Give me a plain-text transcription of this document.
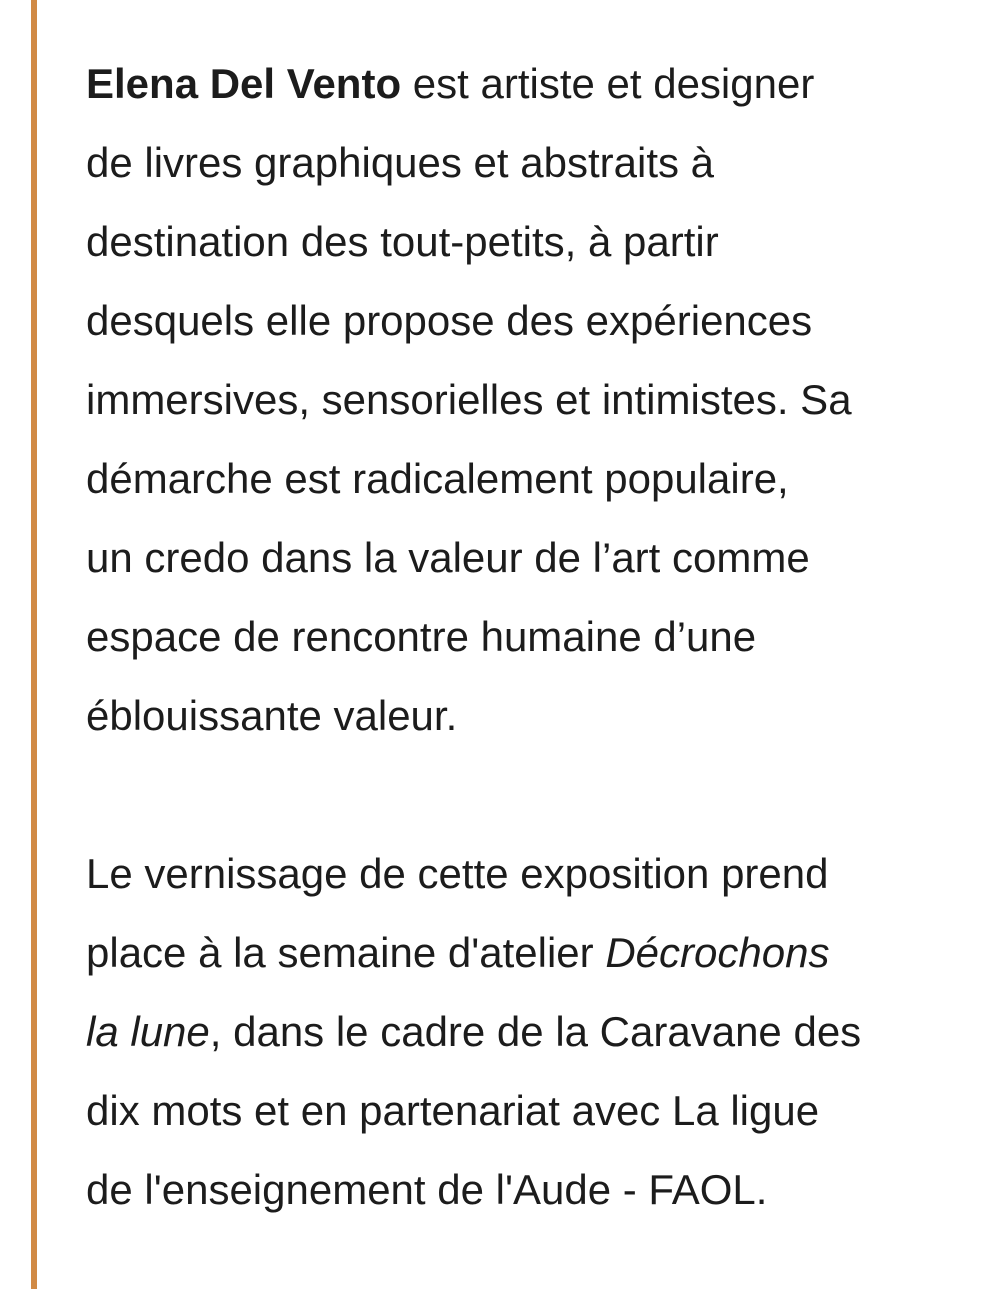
Elena Del Vento est artiste et designer
de livres graphiques et abstraits à
destination des tout-petits, à partir
desquels elle propose des expériences
immersives, sensorielles et intimistes. Sa
démarche est radicalement populaire,
un credo dans la valeur de l’art comme
espace de rencontre humaine d’une
éblouissante valeur.

Le vernissage de cette exposition prend
place à la semaine d'atelier Décrochons
la lune, dans le cadre de la Caravane des
dix mots et en partenariat avec La ligue
de l'enseignement de l'Aude - FAOL.
